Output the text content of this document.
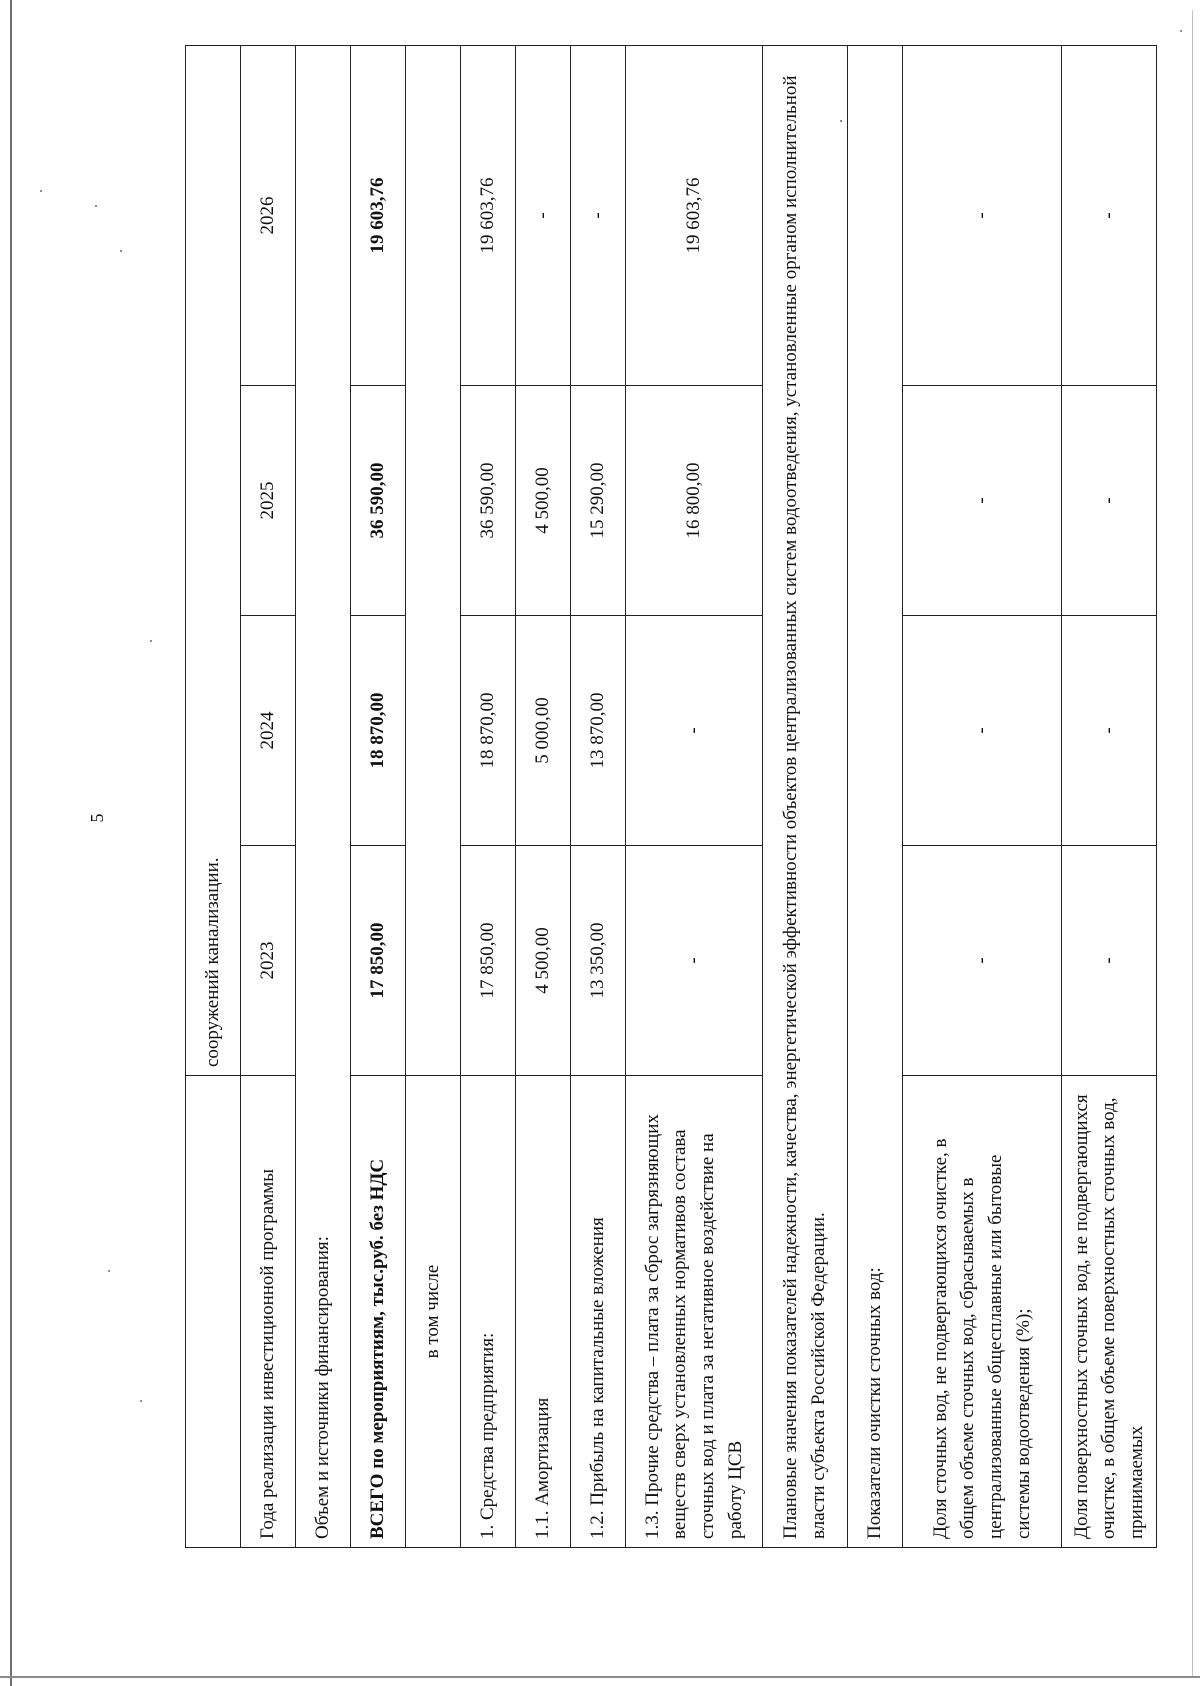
5
	сооружений канализации.			
Года реализации инвестиционной программы	2023	2024	2025	2026
Объем и источники финансирования:				
ВСЕГО по мероприятиям, тыс.руб. без НДС	17 850,00	18 870,00	36 590,00	19 603,76
в том числе				
1. Средства предприятия:	17 850,00	18 870,00	36 590,00	19 603,76
1.1. Амортизация	4 500,00	5 000,00	4 500,00	-
1.2. Прибыль на капитальные вложения	13 350,00	13 870,00	15 290,00	-
1.3. Прочие средства – плата за сброс загрязняющих веществ сверх установленных нормативов состава сточных вод и плата за негативное воздействие на работу ЦСВ	-	-	16 800,00	19 603,76
Плановые значения показателей надежности, качества, энергетической эффективности объектов централизованных систем водоотведения, установленные органом исполнительной власти субъекта Российской Федерации.				
Показатели очистки сточных вод:				
Доля сточных вод, не подвергающихся очистке, в общем объеме сточных вод, сбрасываемых в централизованные общесплавные или бытовые системы водоотведения (%);	-	-	-	-
Доля поверхностных сточных вод, не подвергающихся очистке, в общем объеме поверхностных сточных вод, принимаемых	-	-	-	-
